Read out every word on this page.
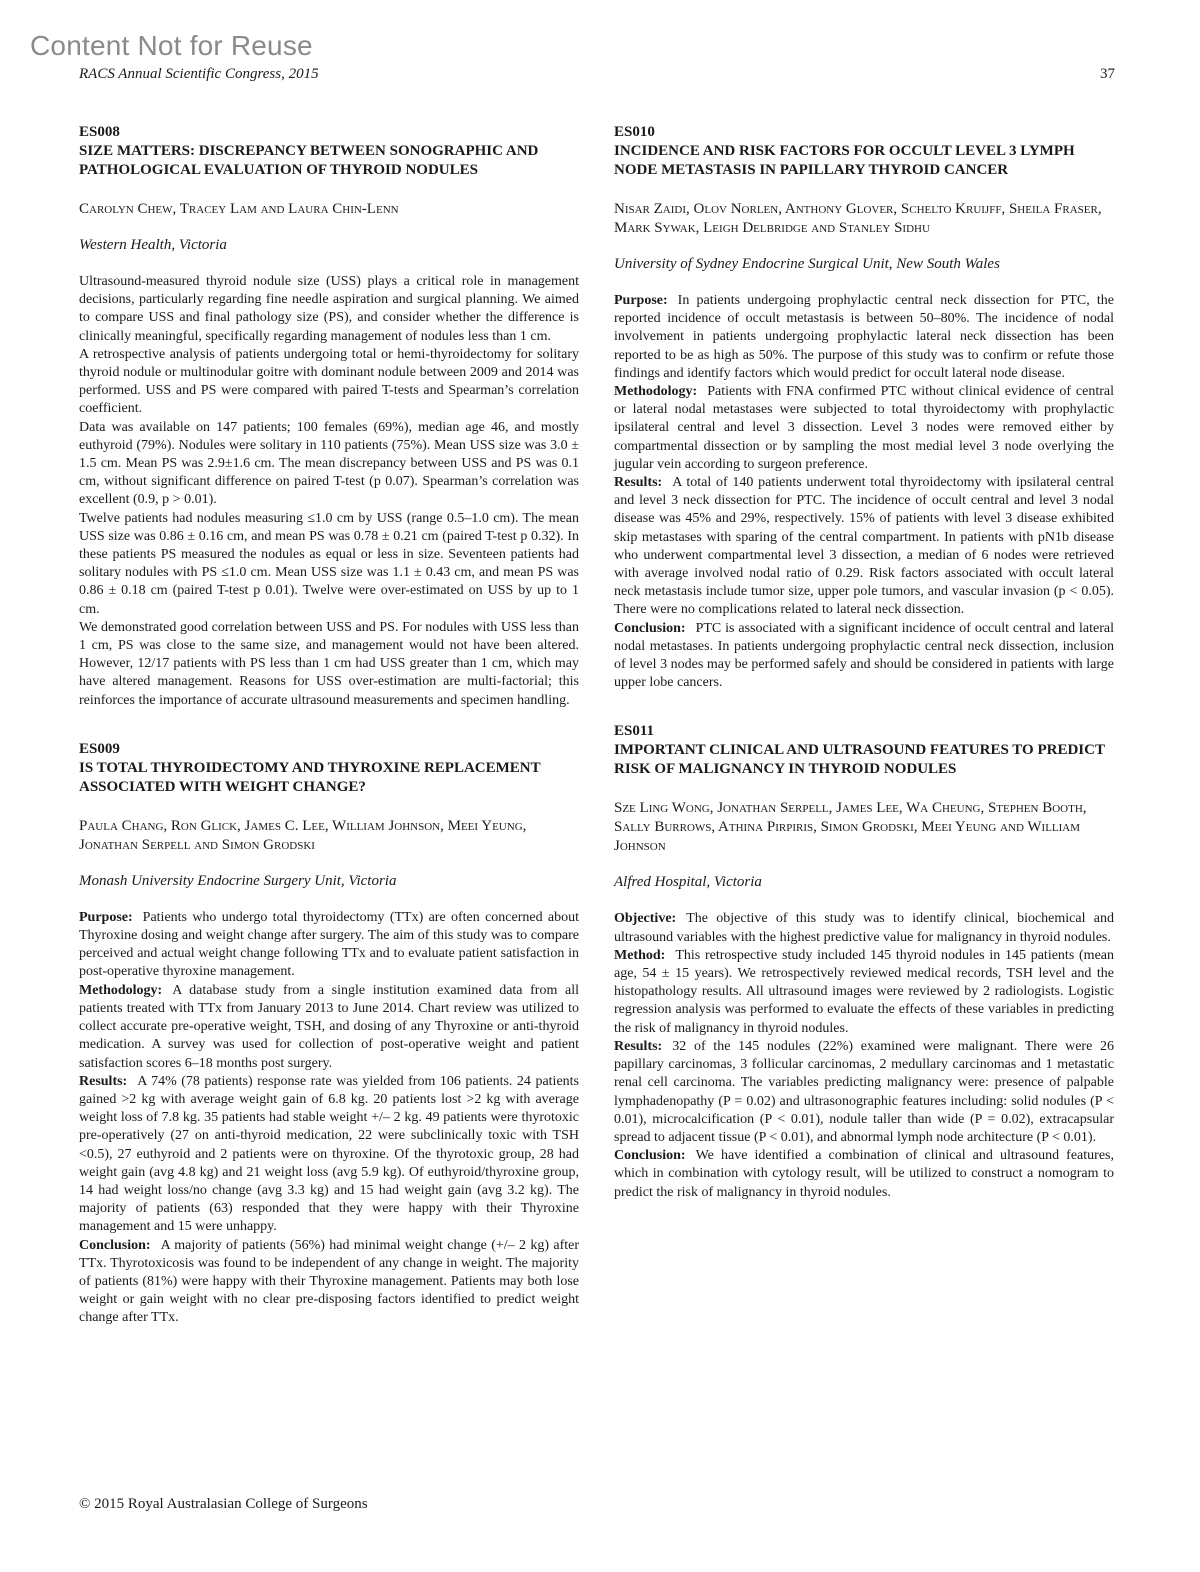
Content Not for Reuse
RACS Annual Scientific Congress, 2015	37
ES008
SIZE MATTERS: DISCREPANCY BETWEEN SONOGRAPHIC AND PATHOLOGICAL EVALUATION OF THYROID NODULES
Carolyn Chew, Tracey Lam and Laura Chin-Lenn
Western Health, Victoria

Ultrasound-measured thyroid nodule size (USS) plays a critical role in management decisions, particularly regarding fine needle aspiration and surgical planning. We aimed to compare USS and final pathology size (PS), and consider whether the difference is clinically meaningful, specifically regarding management of nodules less than 1 cm.

A retrospective analysis of patients undergoing total or hemi-thyroidectomy for solitary thyroid nodule or multinodular goitre with dominant nodule between 2009 and 2014 was performed. USS and PS were compared with paired T-tests and Spearman’s correlation coefficient.

Data was available on 147 patients; 100 females (69%), median age 46, and mostly euthyroid (79%). Nodules were solitary in 110 patients (75%). Mean USS size was 3.0 ± 1.5 cm. Mean PS was 2.9±1.6 cm. The mean discrepancy between USS and PS was 0.1 cm, without significant difference on paired T-test (p 0.07). Spearman’s correlation was excellent (0.9, p > 0.01).

Twelve patients had nodules measuring ≤1.0 cm by USS (range 0.5–1.0 cm). The mean USS size was 0.86 ± 0.16 cm, and mean PS was 0.78 ± 0.21 cm (paired T-test p 0.32). In these patients PS measured the nodules as equal or less in size. Seventeen patients had solitary nodules with PS ≤1.0 cm. Mean USS size was 1.1 ± 0.43 cm, and mean PS was 0.86 ± 0.18 cm (paired T-test p 0.01). Twelve were over-estimated on USS by up to 1 cm.

We demonstrated good correlation between USS and PS. For nodules with USS less than 1 cm, PS was close to the same size, and management would not have been altered. However, 12/17 patients with PS less than 1 cm had USS greater than 1 cm, which may have altered management. Reasons for USS over-estimation are multi-factorial; this reinforces the importance of accurate ultrasound measurements and specimen handling.

ES009
IS TOTAL THYROIDECTOMY AND THYROXINE REPLACEMENT ASSOCIATED WITH WEIGHT CHANGE?
Paula Chang, Ron Glick, James C. Lee, William Johnson, Meei Yeung, Jonathan Serpell and Simon Grodski
Monash University Endocrine Surgery Unit, Victoria

Purpose: Patients who undergo total thyroidectomy (TTx) are often concerned about Thyroxine dosing and weight change after surgery. The aim of this study was to compare perceived and actual weight change following TTx and to evaluate patient satisfaction in post-operative thyroxine management.

Methodology: A database study from a single institution examined data from all patients treated with TTx from January 2013 to June 2014. Chart review was utilized to collect accurate pre-operative weight, TSH, and dosing of any Thyroxine or anti-thyroid medication. A survey was used for collection of post-operative weight and patient satisfaction scores 6–18 months post surgery.

Results: A 74% (78 patients) response rate was yielded from 106 patients. 24 patients gained >2 kg with average weight gain of 6.8 kg. 20 patients lost >2 kg with average weight loss of 7.8 kg. 35 patients had stable weight +/– 2 kg. 49 patients were thyrotoxic pre-operatively (27 on anti-thyroid medication, 22 were subclinically toxic with TSH <0.5), 27 euthyroid and 2 patients were on thyroxine. Of the thyrotoxic group, 28 had weight gain (avg 4.8 kg) and 21 weight loss (avg 5.9 kg). Of euthyroid/thyroxine group, 14 had weight loss/no change (avg 3.3 kg) and 15 had weight gain (avg 3.2 kg). The majority of patients (63) responded that they were happy with their Thyroxine management and 15 were unhappy.

Conclusion: A majority of patients (56%) had minimal weight change (+/– 2 kg) after TTx. Thyrotoxicosis was found to be independent of any change in weight. The majority of patients (81%) were happy with their Thyroxine management. Patients may both lose weight or gain weight with no clear pre-disposing factors identified to predict weight change after TTx.

ES010
INCIDENCE AND RISK FACTORS FOR OCCULT LEVEL 3 LYMPH NODE METASTASIS IN PAPILLARY THYROID CANCER
Nisar Zaidi, Olov Norlen, Anthony Glover, Schelto Kruijff, Sheila Fraser, Mark Sywak, Leigh Delbridge and Stanley Sidhu
University of Sydney Endocrine Surgical Unit, New South Wales

Purpose: In patients undergoing prophylactic central neck dissection for PTC, the reported incidence of occult metastasis is between 50–80%. The incidence of nodal involvement in patients undergoing prophylactic lateral neck dissection has been reported to be as high as 50%. The purpose of this study was to confirm or refute those findings and identify factors which would predict for occult lateral node disease.

Methodology: Patients with FNA confirmed PTC without clinical evidence of central or lateral nodal metastases were subjected to total thyroidectomy with prophylactic ipsilateral central and level 3 dissection. Level 3 nodes were removed either by compartmental dissection or by sampling the most medial level 3 node overlying the jugular vein according to surgeon preference.

Results: A total of 140 patients underwent total thyroidectomy with ipsilateral central and level 3 neck dissection for PTC. The incidence of occult central and level 3 nodal disease was 45% and 29%, respectively. 15% of patients with level 3 disease exhibited skip metastases with sparing of the central compartment. In patients with pN1b disease who underwent compartmental level 3 dissection, a median of 6 nodes were retrieved with average involved nodal ratio of 0.29. Risk factors associated with occult lateral neck metastasis include tumor size, upper pole tumors, and vascular invasion (p < 0.05). There were no complications related to lateral neck dissection.

Conclusion: PTC is associated with a significant incidence of occult central and lateral nodal metastases. In patients undergoing prophylactic central neck dissection, inclusion of level 3 nodes may be performed safely and should be considered in patients with large upper lobe cancers.

ES011
IMPORTANT CLINICAL AND ULTRASOUND FEATURES TO PREDICT RISK OF MALIGNANCY IN THYROID NODULES
Sze Ling Wong, Jonathan Serpell, James Lee, Wa Cheung, Stephen Booth, Sally Burrows, Athina Pirpiris, Simon Grodski, Meei Yeung and William Johnson
Alfred Hospital, Victoria

Objective: The objective of this study was to identify clinical, biochemical and ultrasound variables with the highest predictive value for malignancy in thyroid nodules.

Method: This retrospective study included 145 thyroid nodules in 145 patients (mean age, 54 ± 15 years). We retrospectively reviewed medical records, TSH level and the histopathology results. All ultrasound images were reviewed by 2 radiologists. Logistic regression analysis was performed to evaluate the effects of these variables in predicting the risk of malignancy in thyroid nodules.

Results: 32 of the 145 nodules (22%) examined were malignant. There were 26 papillary carcinomas, 3 follicular carcinomas, 2 medullary carcinomas and 1 metastatic renal cell carcinoma. The variables predicting malignancy were: presence of palpable lymphadenopathy (P = 0.02) and ultrasonographic features including: solid nodules (P < 0.01), microcalcification (P < 0.01), nodule taller than wide (P = 0.02), extracapsular spread to adjacent tissue (P < 0.01), and abnormal lymph node architecture (P < 0.01).

Conclusion: We have identified a combination of clinical and ultrasound features, which in combination with cytology result, will be utilized to construct a nomogram to predict the risk of malignancy in thyroid nodules.

© 2015 Royal Australasian College of Surgeons
